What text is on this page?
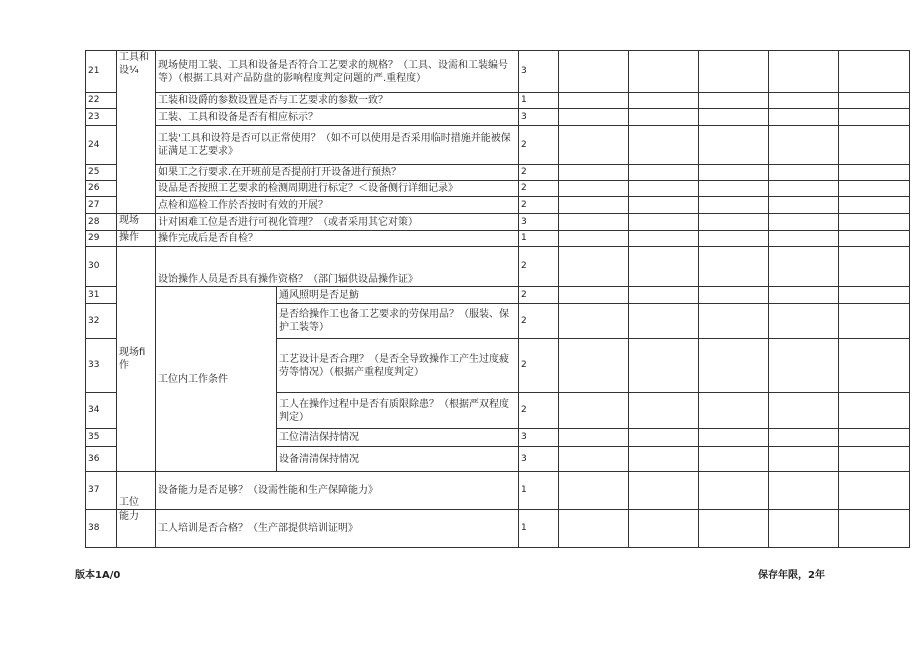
21	工具和设¼	现场使用工装、工具和设备是否符合工艺要求的规格？（工具、设需和工装编号等）（根据工具对产品防盘的影响程度判定问题的严.重程度）		3					
22		工装和设爵的参数设置是否与工艺要求的参数一致？		1					
23		工装、工具和设备是否有相应标示？		3					
24		工装'工具和设符是否可以正常使用？（如不可以使用是否采用临时措施并能被保证满足工艺要求》		2					
25		如果工之行要求.在开班前是否提前打开设备进行预热？		2					
26		设品是否按照工艺要求的检测周期进行标定？＜设备侧行详细记录》		2					
27		点检和巡检工作於否按时有效的开展？		2					
28	现场	计对困难工位是否进行可视化管理？（或者采用其它对策）		3					
29	操作	操作完成后是否自检？		1					
30	现场fi作	设饴操作人员是否具有操作资格？（部门辐供设品操作证》		2					
31		工位内工作条件	通风照明是否足魴	2					
32			是否给操作工也备工艺要求的劳保用品？（服装、保护工装等）	2					
33			工艺设计是否合理？（是否全导致操作工产生过度疲劳等情况）（根据产重程度判定）	2					
34			工人在操作过程中是否有质限除患？（根据严双程度判定）	2					
35			工位清洁保持情况	3					
36			设备清清保持情况	3					
37	工位	设备能力是否足够？（设需性能和生产保障能力》		1					
38	能力	工人培训是否合格？（生产部提供培训证明》		1					
版本1A/0	保存年限，2年
